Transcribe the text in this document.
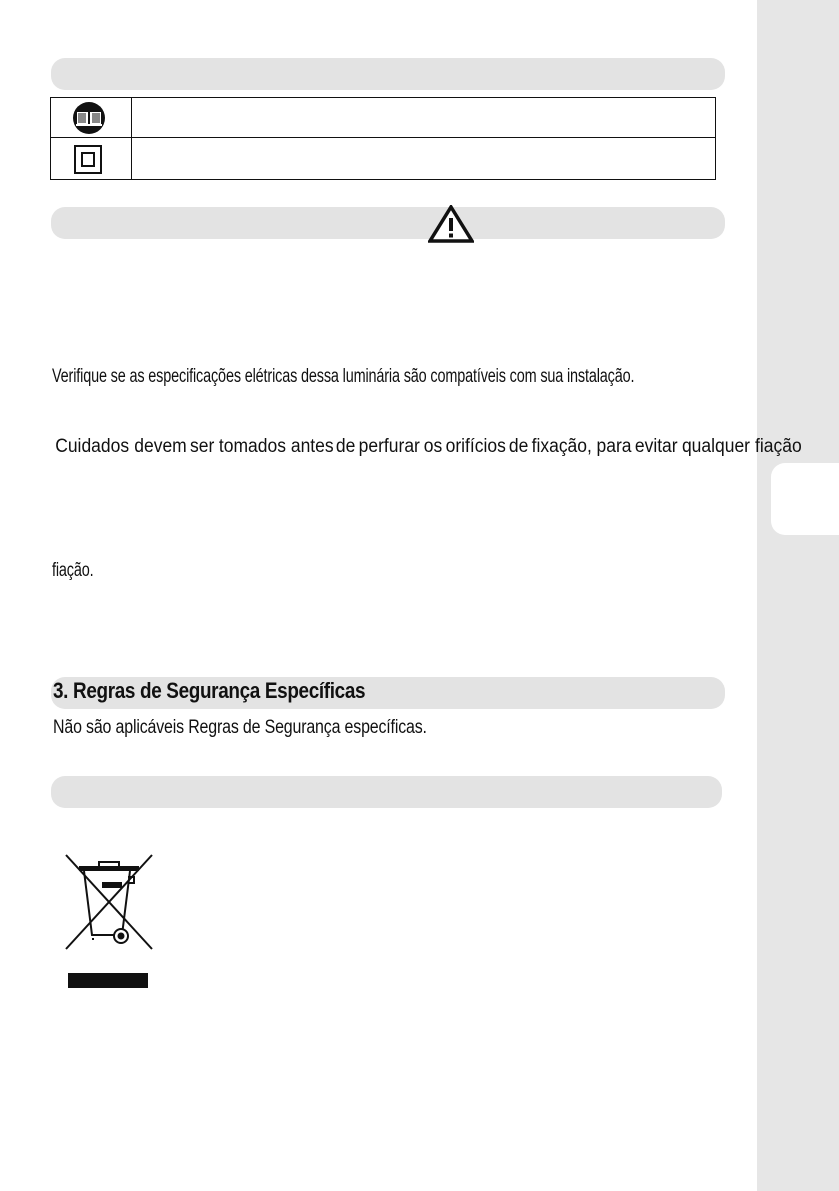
Verifique se as especificações elétricas dessa luminária são compatíveis com sua instalação.
Cuidados devem ser tomados antes de perfurar os orifícios de fixação, para evitar qualquer fiação
fiação.
3. Regras de Segurança Específicas
Não são aplicáveis Regras de Segurança específicas.
